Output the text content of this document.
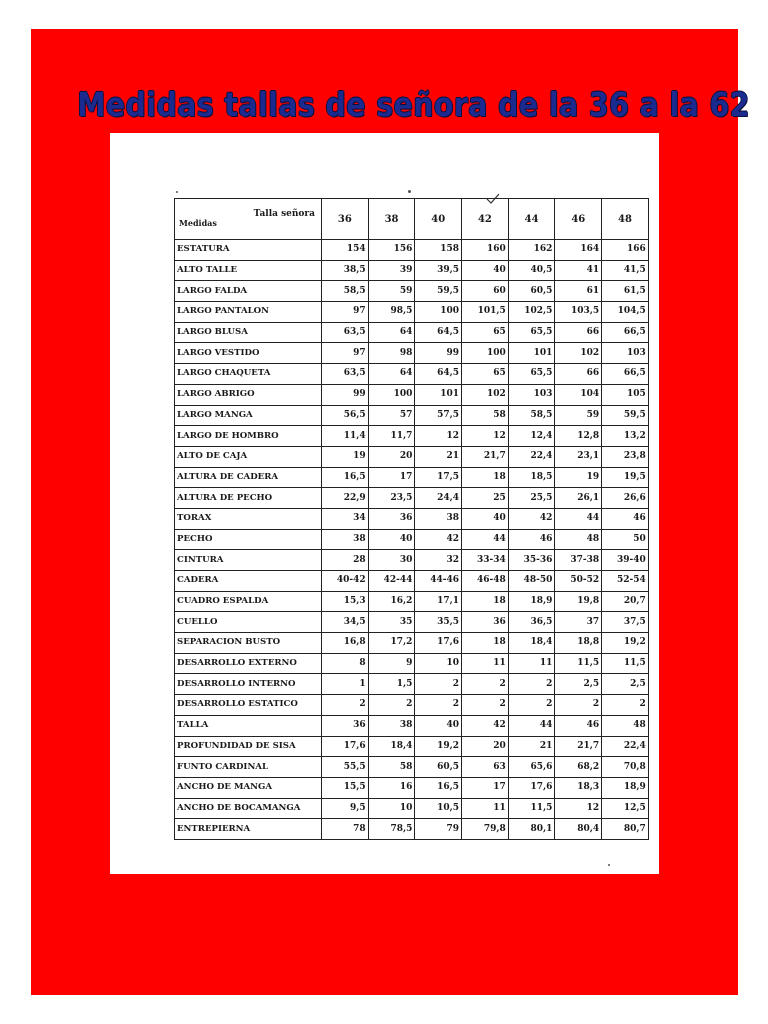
Medidas tallas de señora de la 36 a la 62
Talla señora
Medidas	36	38	40	42	44	46	48
ESTATURA	154	156	158	160	162	164	166
ALTO TALLE	38,5	39	39,5	40	40,5	41	41,5
LARGO FALDA	58,5	59	59,5	60	60,5	61	61,5
LARGO PANTALON	97	98,5	100	101,5	102,5	103,5	104,5
LARGO BLUSA	63,5	64	64,5	65	65,5	66	66,5
LARGO VESTIDO	97	98	99	100	101	102	103
LARGO CHAQUETA	63,5	64	64,5	65	65,5	66	66,5
LARGO ABRIGO	99	100	101	102	103	104	105
LARGO MANGA	56,5	57	57,5	58	58,5	59	59,5
LARGO DE HOMBRO	11,4	11,7	12	12	12,4	12,8	13,2
ALTO DE CAJA	19	20	21	21,7	22,4	23,1	23,8
ALTURA DE CADERA	16,5	17	17,5	18	18,5	19	19,5
ALTURA DE PECHO	22,9	23,5	24,4	25	25,5	26,1	26,6
TORAX	34	36	38	40	42	44	46
PECHO	38	40	42	44	46	48	50
CINTURA	28	30	32	33-34	35-36	37-38	39-40
CADERA	40-42	42-44	44-46	46-48	48-50	50-52	52-54
CUADRO ESPALDA	15,3	16,2	17,1	18	18,9	19,8	20,7
CUELLO	34,5	35	35,5	36	36,5	37	37,5
SEPARACION BUSTO	16,8	17,2	17,6	18	18,4	18,8	19,2
DESARROLLO EXTERNO	8	9	10	11	11	11,5	11,5
DESARROLLO INTERNO	1	1,5	2	2	2	2,5	2,5
DESARROLLO ESTATICO	2	2	2	2	2	2	2
TALLA	36	38	40	42	44	46	48
PROFUNDIDAD DE SISA	17,6	18,4	19,2	20	21	21,7	22,4
FUNTO CARDINAL	55,5	58	60,5	63	65,6	68,2	70,8
ANCHO DE MANGA	15,5	16	16,5	17	17,6	18,3	18,9
ANCHO DE BOCAMANGA	9,5	10	10,5	11	11,5	12	12,5
ENTREPIERNA	78	78,5	79	79,8	80,1	80,4	80,7
